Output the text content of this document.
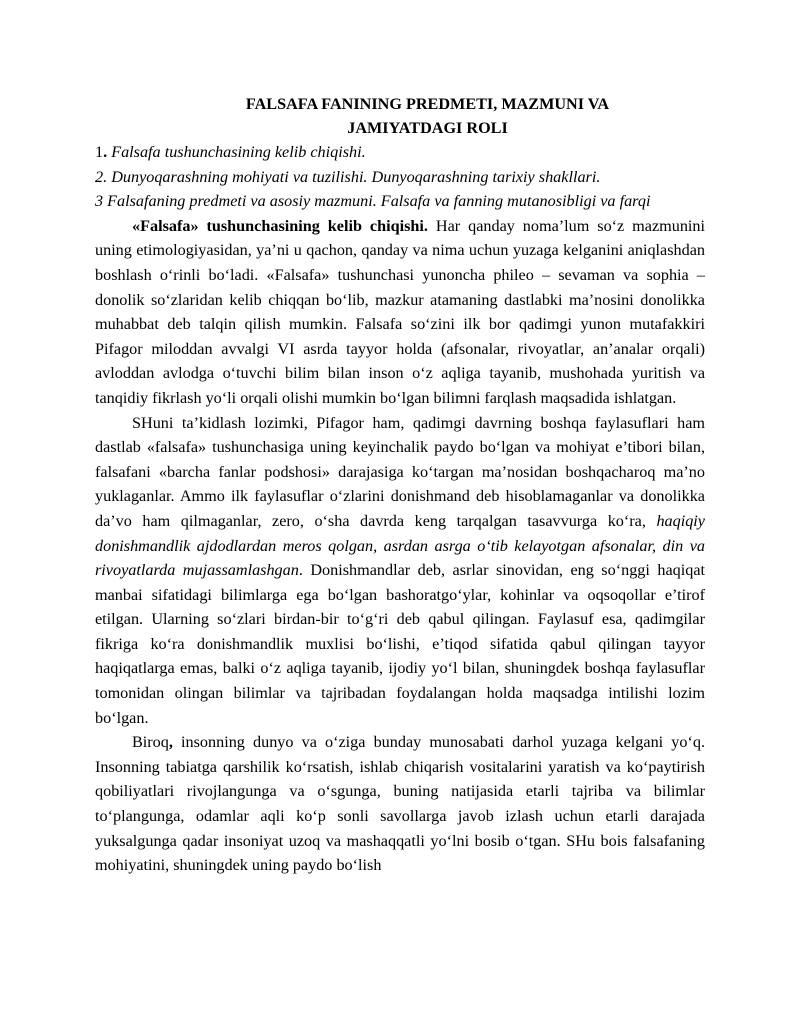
FALSAFA FANINING PREDMETI, MAZMUNI VA
JAMIYATDAGI ROLI
1. Falsafa tushunchasining kelib chiqishi.
2. Dunyoqarashning mohiyati va tuzilishi. Dunyoqarashning tarixiy shakllari.
3 Falsafaning predmeti va asosiy mazmuni. Falsafa va fanning mutanosibligi va farqi

«Falsafa» tushunchasining kelib chiqishi. Har qanday noma’lum so‘z mazmunini uning etimologiyasidan, ya’ni u qachon, qanday va nima uchun yuzaga kelganini aniqlashdan boshlash o‘rinli bo‘ladi. «Falsafa» tushunchasi yunoncha phileo – sevaman va sophia – donolik so‘zlaridan kelib chiqqan bo‘lib, mazkur atamaning dastlabki ma’nosini donolikka muhabbat deb talqin qilish mumkin. Falsafa so‘zini ilk bor qadimgi yunon mutafakkiri Pifagor miloddan avvalgi VI asrda tayyor holda (afsonalar, rivoyatlar, an’analar orqali) avloddan avlodga o‘tuvchi bilim bilan inson o‘z aqliga tayanib, mushohada yuritish va tanqidiy fikrlash yo‘li orqali olishi mumkin bo‘lgan bilimni farqlash maqsadida ishlatgan.

SHuni ta’kidlash lozimki, Pifagor ham, qadimgi davrning boshqa faylasuflari ham dastlab «falsafa» tushunchasiga uning keyinchalik paydo bo‘lgan va mohiyat e’tibori bilan, falsafani «barcha fanlar podshosi» darajasiga ko‘targan ma’nosidan boshqacharoq ma’no yuklaganlar. Ammo ilk faylasuflar o‘zlarini donishmand deb hisoblamaganlar va donolikka da’vo ham qilmaganlar, zero, o‘sha davrda keng tarqalgan tasavvurga ko‘ra, haqiqiy donishmandlik ajdodlardan meros qolgan, asrdan asrga o‘tib kelayotgan afsonalar, din va rivoyatlarda mujassamlashgan. Donishmandlar deb, asrlar sinovidan, eng so‘nggi haqiqat manbai sifatidagi bilimlarga ega bo‘lgan bashoratgo‘ylar, kohinlar va oqsoqollar e’tirof etilgan. Ularning so‘zlari birdan-bir to‘g‘ri deb qabul qilingan. Faylasuf esa, qadimgilar fikriga ko‘ra donishmandlik muxlisi bo‘lishi, e’tiqod sifatida qabul qilingan tayyor haqiqatlarga emas, balki o‘z aqliga tayanib, ijodiy yo‘l bilan, shuningdek boshqa faylasuflar tomonidan olingan bilimlar va tajribadan foydalangan holda maqsadga intilishi lozim bo‘lgan.

Biroq, insonning dunyo va o‘ziga bunday munosabati darhol yuzaga kelgani yo‘q. Insonning tabiatga qarshilik ko‘rsatish, ishlab chiqarish vositalarini yaratish va ko‘paytirish qobiliyatlari rivojlangunga va o‘sgunga, buning natijasida etarli tajriba va bilimlar to‘plangunga, odamlar aqli ko‘p sonli savollarga javob izlash uchun etarli darajada yuksalgunga qadar insoniyat uzoq va mashaqqatli yo‘lni bosib o‘tgan. SHu bois falsafaning mohiyatini, shuningdek uning paydo bo‘lish
